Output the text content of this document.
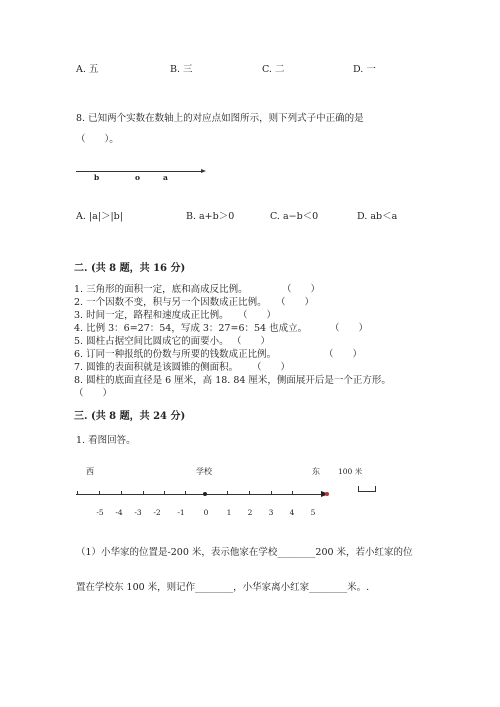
A. 五	B. 三	C. 二	D. 一
8. 已知两个实数在数轴上的对应点如图所示，则下列式子中正确的是
（　　）。
b	o	a
A. |a|＞|b|	B. a+b＞0	C. a−b＜0	D. ab＜a
二. (共 8 题，共 16 分)
1. 三角形的面积一定，底和高成反比例。	（　　）
2. 一个因数不变，积与另一个因数成正比例。 （　　）
3. 时间一定，路程和速度成正比例。 （　　）
4. 比例 3：6=27：54，写成 3：27=6：54 也成立。 （　　）
5. 圆柱占据空间比圆成它的面要小。 （　　）
6. 订同一种报纸的份数与所要的钱数成正比例。	（　　）
7. 圆锥的表面积就是该圆锥的侧面积。 （　　）
8. 圆柱的底面直径是 6 厘米，高 18. 84 厘米，侧面展开后是一个正方形。
（　　）
三. (共 8 题，共 24 分)
1. 看图回答。
西	学校	东 100 米
-5	-4	-3	-2	-1	0	1	2	3	4	5
（1）小华家的位置是-200 米，表示他家在学校________200 米，若小红家的位
置在学校东 100 米，则记作________，小华家离小红家________米。.
